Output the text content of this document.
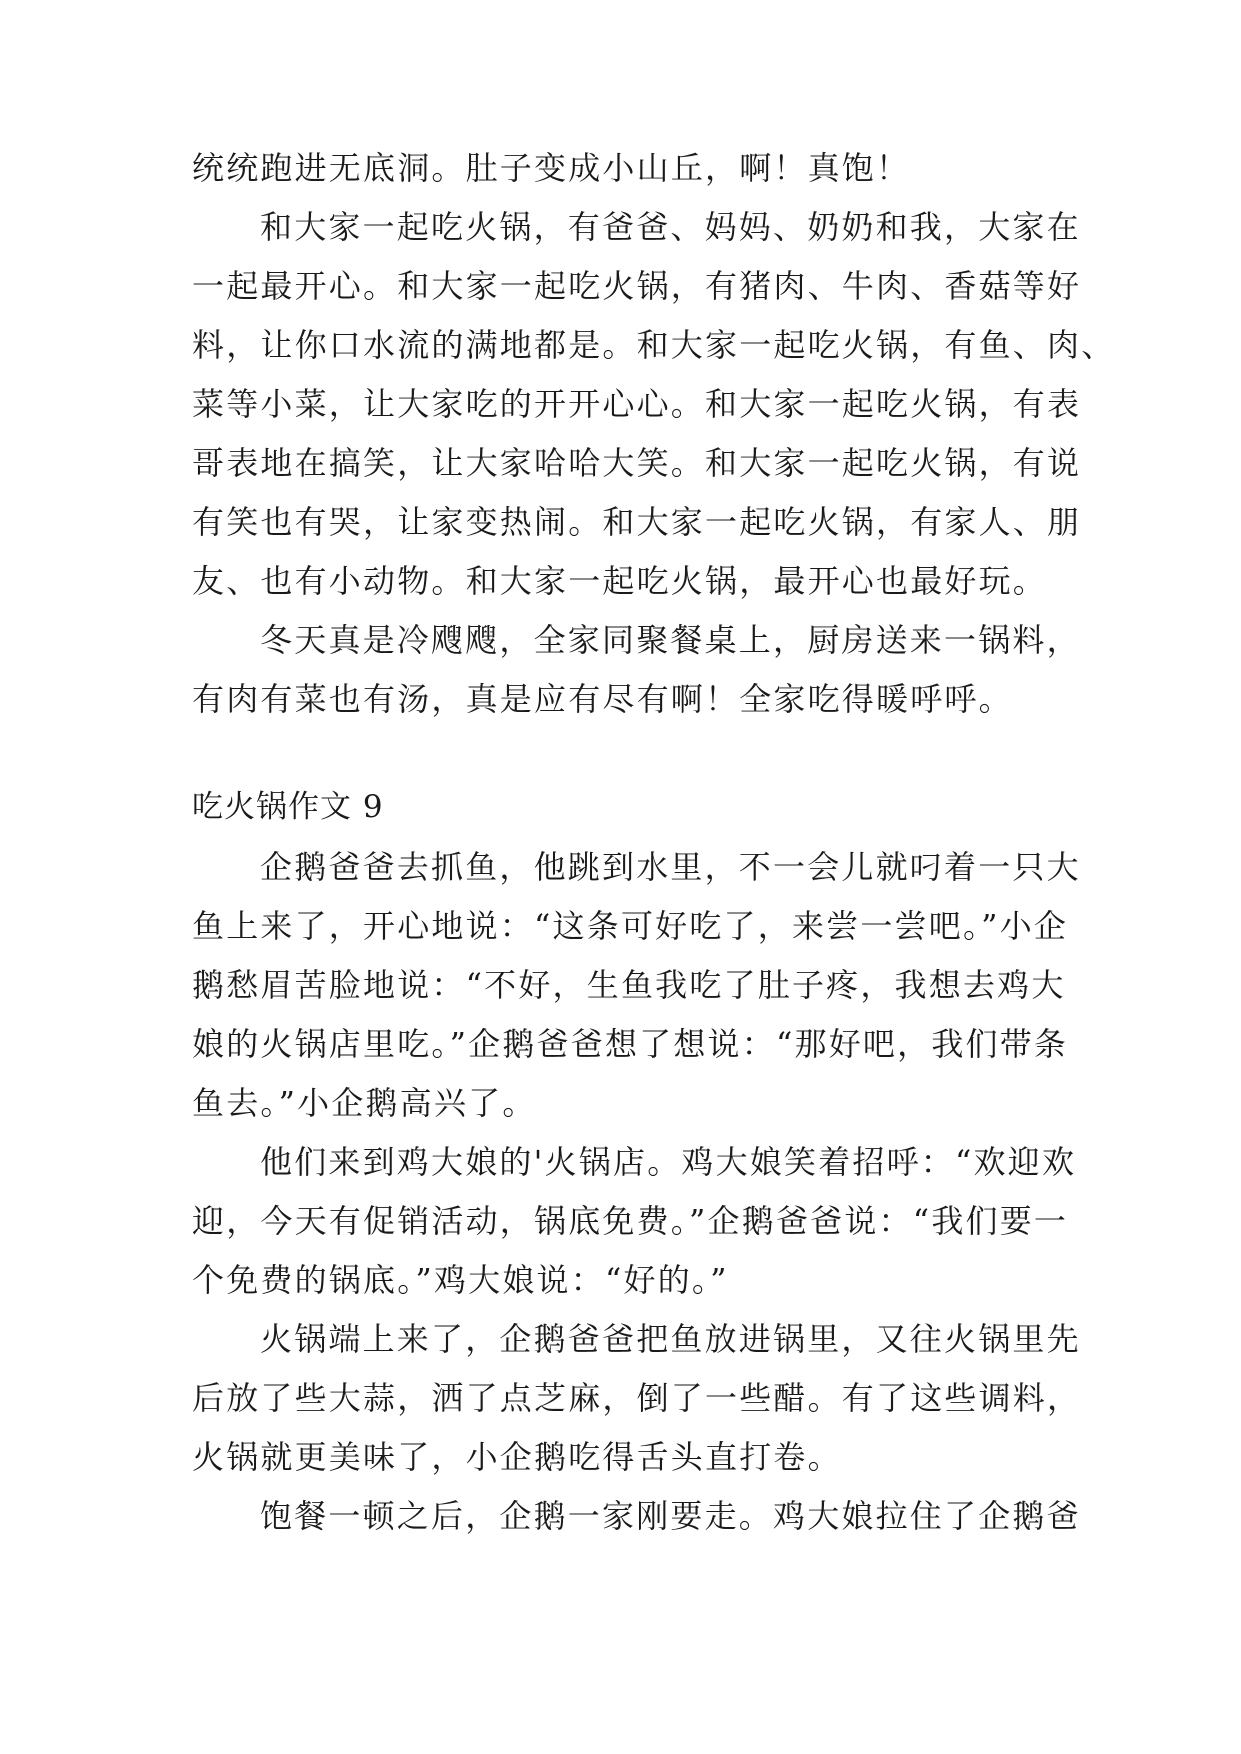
统统跑进无底洞。肚子变成小山丘，啊！真饱！
和大家一起吃火锅，有爸爸、妈妈、奶奶和我，大家在
一起最开心。和大家一起吃火锅，有猪肉、牛肉、香菇等好
料，让你口水流的满地都是。和大家一起吃火锅，有鱼、肉、
菜等小菜，让大家吃的开开心心。和大家一起吃火锅，有表
哥表地在搞笑，让大家哈哈大笑。和大家一起吃火锅，有说
有笑也有哭，让家变热闹。和大家一起吃火锅，有家人、朋
友、也有小动物。和大家一起吃火锅，最开心也最好玩。
冬天真是冷飕飕，全家同聚餐桌上，厨房送来一锅料，
有肉有菜也有汤，真是应有尽有啊！全家吃得暖呼呼。
吃火锅作文 9
企鹅爸爸去抓鱼，他跳到水里，不一会儿就叼着一只大
鱼上来了，开心地说：“这条可好吃了，来尝一尝吧。”小企
鹅愁眉苦脸地说：“不好，生鱼我吃了肚子疼，我想去鸡大
娘的火锅店里吃。”企鹅爸爸想了想说：“那好吧，我们带条
鱼去。”小企鹅高兴了。
他们来到鸡大娘的'火锅店。鸡大娘笑着招呼：“欢迎欢
迎，今天有促销活动，锅底免费。”企鹅爸爸说：“我们要一
个免费的锅底。”鸡大娘说：“好的。”
火锅端上来了，企鹅爸爸把鱼放进锅里，又往火锅里先
后放了些大蒜，洒了点芝麻，倒了一些醋。有了这些调料，
火锅就更美味了，小企鹅吃得舌头直打卷。
饱餐一顿之后，企鹅一家刚要走。鸡大娘拉住了企鹅爸
